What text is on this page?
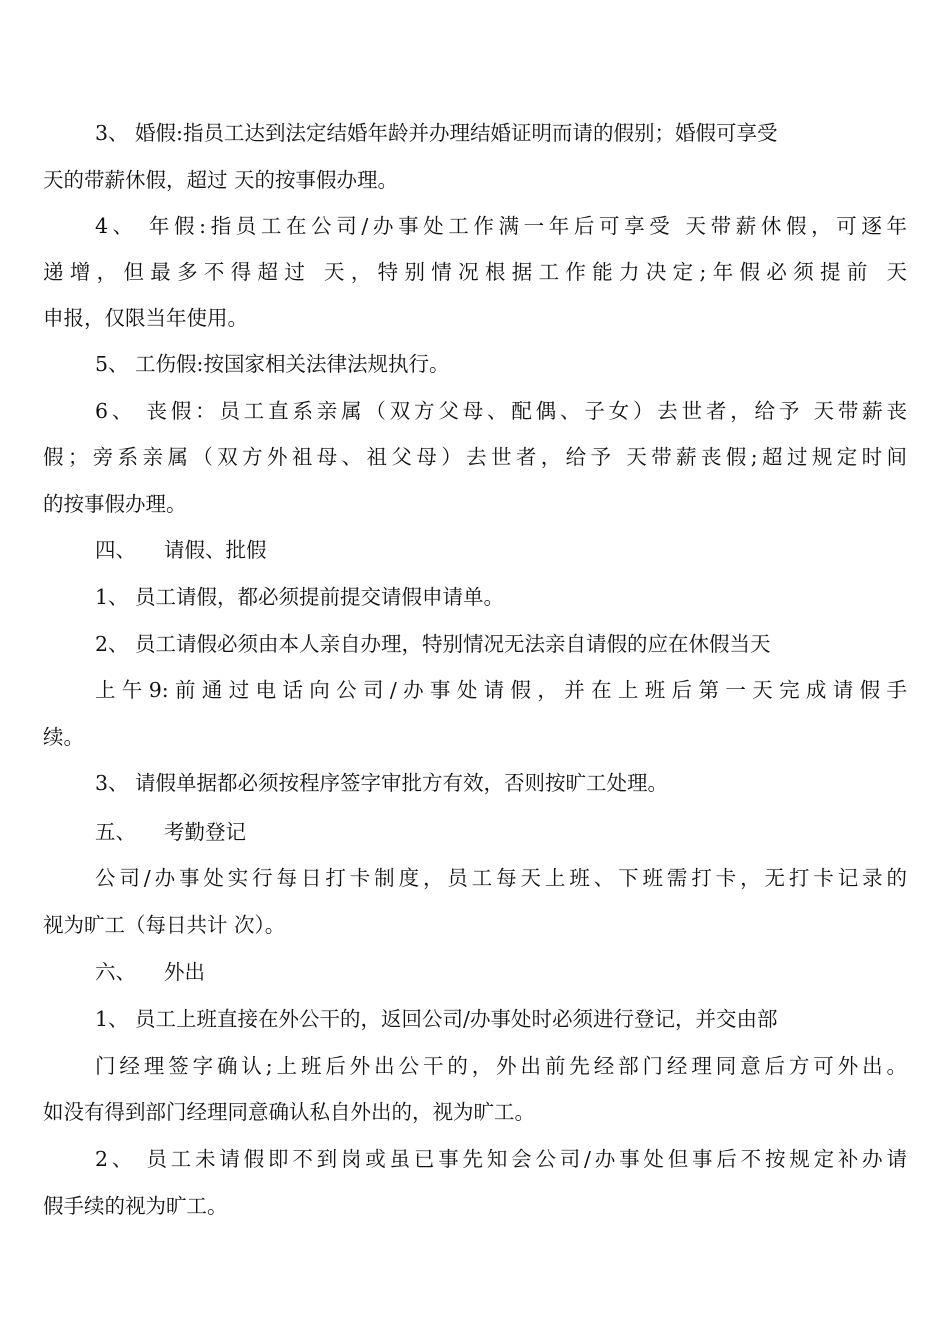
3、 婚假:指员工达到法定结婚年龄并办理结婚证明而请的假别；婚假可享受
天的带薪休假，超过 天的按事假办理。
4、 年假:指员工在公司/办事处工作满一年后可享受 天带薪休假，可逐年
递增，但最多不得超过 天，特别情况根据工作能力决定;年假必须提前 天
申报，仅限当年使用。
5、 工伤假:按国家相关法律法规执行。
6、 丧假：员工直系亲属（双方父母、配偶、子女）去世者，给予 天带薪丧
假；旁系亲属（双方外祖母、祖父母）去世者，给予 天带薪丧假;超过规定时间
的按事假办理。
四、 请假、批假
1、 员工请假，都必须提前提交请假申请单。
2、 员工请假必须由本人亲自办理，特别情况无法亲自请假的应在休假当天
上午9:前通过电话向公司/办事处请假，并在上班后第一天完成请假手
续。
3、 请假单据都必须按程序签字审批方有效，否则按旷工处理。
五、 考勤登记
公司/办事处实行每日打卡制度，员工每天上班、下班需打卡，无打卡记录的
视为旷工（每日共计 次）。
六、 外出
1、 员工上班直接在外公干的，返回公司/办事处时必须进行登记，并交由部
门经理签字确认;上班后外出公干的，外出前先经部门经理同意后方可外出。
如没有得到部门经理同意确认私自外出的，视为旷工。
2、 员工未请假即不到岗或虽已事先知会公司/办事处但事后不按规定补办请
假手续的视为旷工。
